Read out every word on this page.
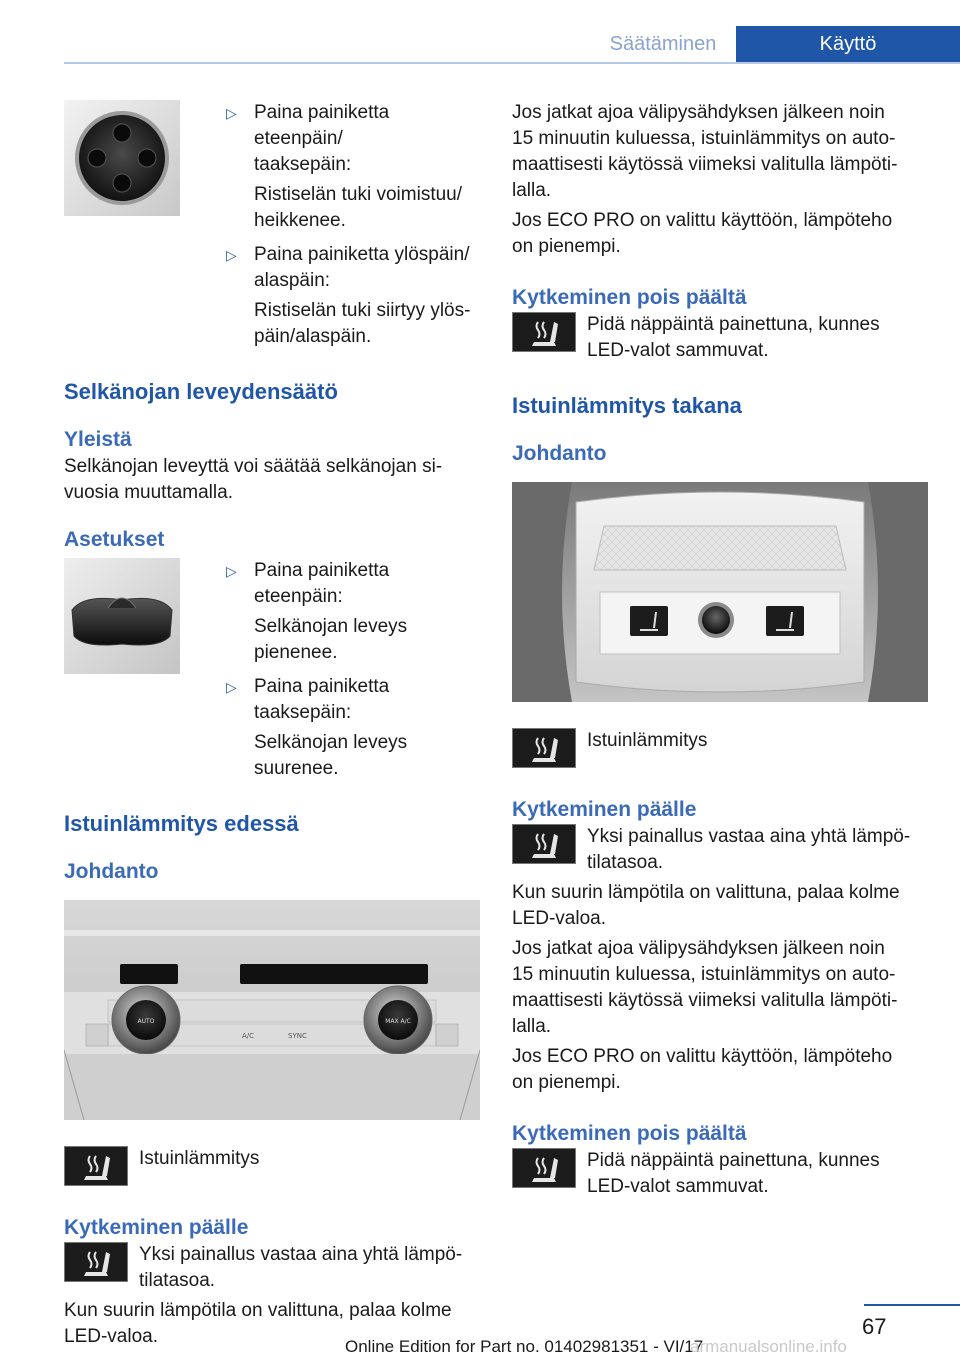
Säätäminen	Käyttö
▷ Paina painiketta eteenpäin/
taaksepäin:
Ristiselän tuki voimistuu/
heikkenee.
▷ Paina painiketta ylöspäin/
alaspäin:
Ristiselän tuki siirtyy ylös‐
päin/alaspäin.
Selkänojan leveydensäätö
Yleistä
Selkänojan leveyttä voi säätää selkänojan si‐
vuosia muuttamalla.
Asetukset
▷ Paina painiketta eteenpäin:
Selkänojan leveys pienenee.
▷ Paina painiketta taaksepäin:
Selkänojan leveys suurenee.
Istuinlämmitys edessä
Johdanto
A/C	SYNC
AUTO	MAX A/C
Istuinlämmitys
Kytkeminen päälle
Yksi painallus vastaa aina yhtä lämpö‐
tilatasoa.
Kun suurin lämpötila on valittuna, palaa kolme
LED-valoa.
Jos jatkat ajoa välipysähdyksen jälkeen noin
15 minuutin kuluessa, istuinlämmitys on auto‐
maattisesti käytössä viimeksi valitulla lämpöti‐
lalla.
Jos ECO PRO on valittu käyttöön, lämpöteho
on pienempi.
Kytkeminen pois päältä
Pidä näppäintä painettuna, kunnes
LED-valot sammuvat.
Istuinlämmitys takana
Johdanto
Istuinlämmitys
Kytkeminen päälle
Yksi painallus vastaa aina yhtä lämpö‐
tilatasoa.
Kun suurin lämpötila on valittuna, palaa kolme
LED-valoa.
Jos jatkat ajoa välipysähdyksen jälkeen noin
15 minuutin kuluessa, istuinlämmitys on auto‐
maattisesti käytössä viimeksi valitulla lämpöti‐
lalla.
Jos ECO PRO on valittu käyttöön, lämpöteho
on pienempi.
Kytkeminen pois päältä
Pidä näppäintä painettuna, kunnes
LED-valot sammuvat.
67
Online Edition for Part no. 01402981351 - VI/17
armanualsonline.info
